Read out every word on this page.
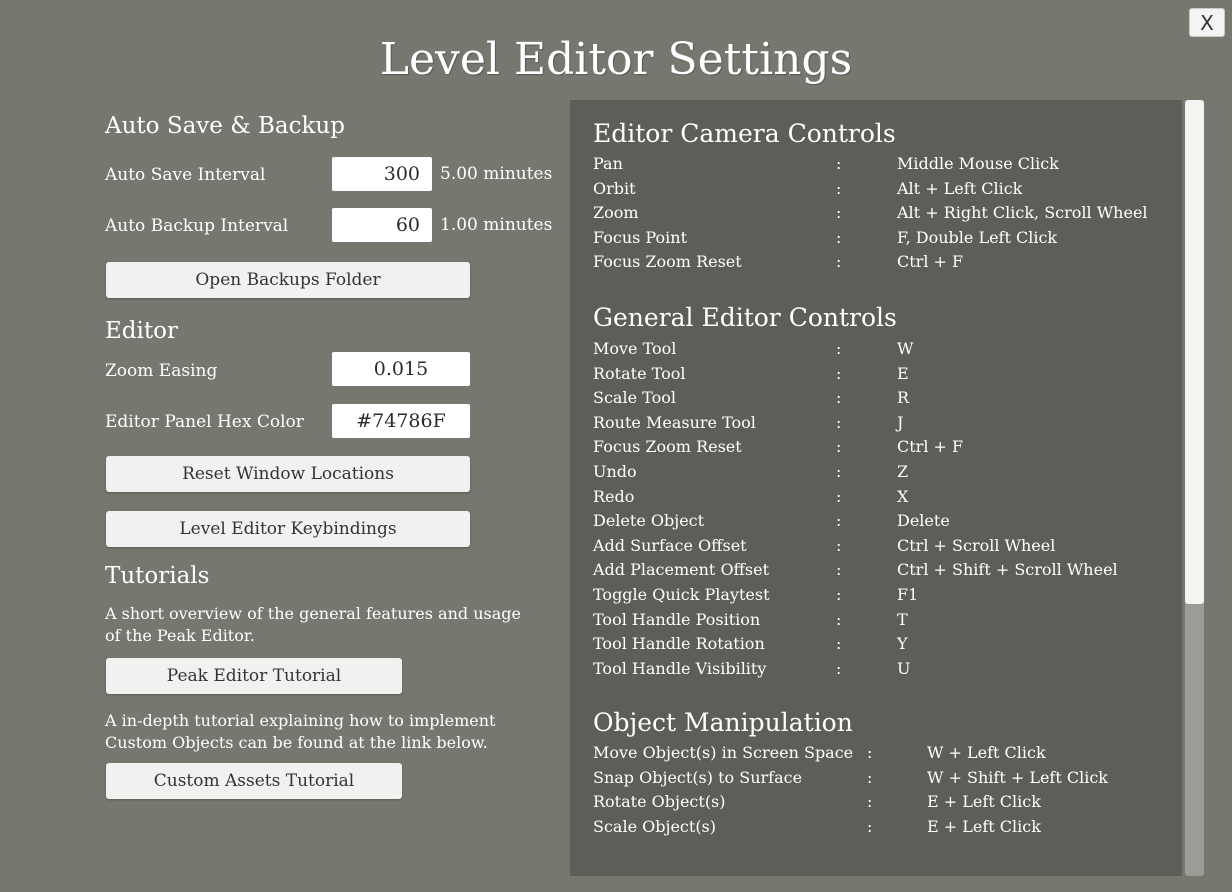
X
Level Editor Settings
Auto Save & Backup
Auto Save Interval	300	5.00 minutes
Auto Backup Interval	60	1.00 minutes
Open Backups Folder
Editor
Zoom Easing	0.015
Editor Panel Hex Color	#74786F
Reset Window Locations
Level Editor Keybindings
Tutorials
A short overview of the general features and usage of the Peak Editor.
Peak Editor Tutorial
A in-depth tutorial explaining how to implement Custom Objects can be found at the link below.
Custom Assets Tutorial
Editor Camera Controls
Pan	:	Middle Mouse Click
Orbit	:	Alt + Left Click
Zoom	:	Alt + Right Click, Scroll Wheel
Focus Point	:	F, Double Left Click
Focus Zoom Reset	:	Ctrl + F
General Editor Controls
Move Tool	:	W
Rotate Tool	:	E
Scale Tool	:	R
Route Measure Tool	:	J
Focus Zoom Reset	:	Ctrl + F
Undo	:	Z
Redo	:	X
Delete Object	:	Delete
Add Surface Offset	:	Ctrl + Scroll Wheel
Add Placement Offset	:	Ctrl + Shift + Scroll Wheel
Toggle Quick Playtest	:	F1
Tool Handle Position	:	T
Tool Handle Rotation	:	Y
Tool Handle Visibility	:	U
Object Manipulation
Move Object(s) in Screen Space :	W + Left Click
Snap Object(s) to Surface	:	W + Shift + Left Click
Rotate Object(s)	:	E + Left Click
Scale Object(s)	:	E + Left Click
